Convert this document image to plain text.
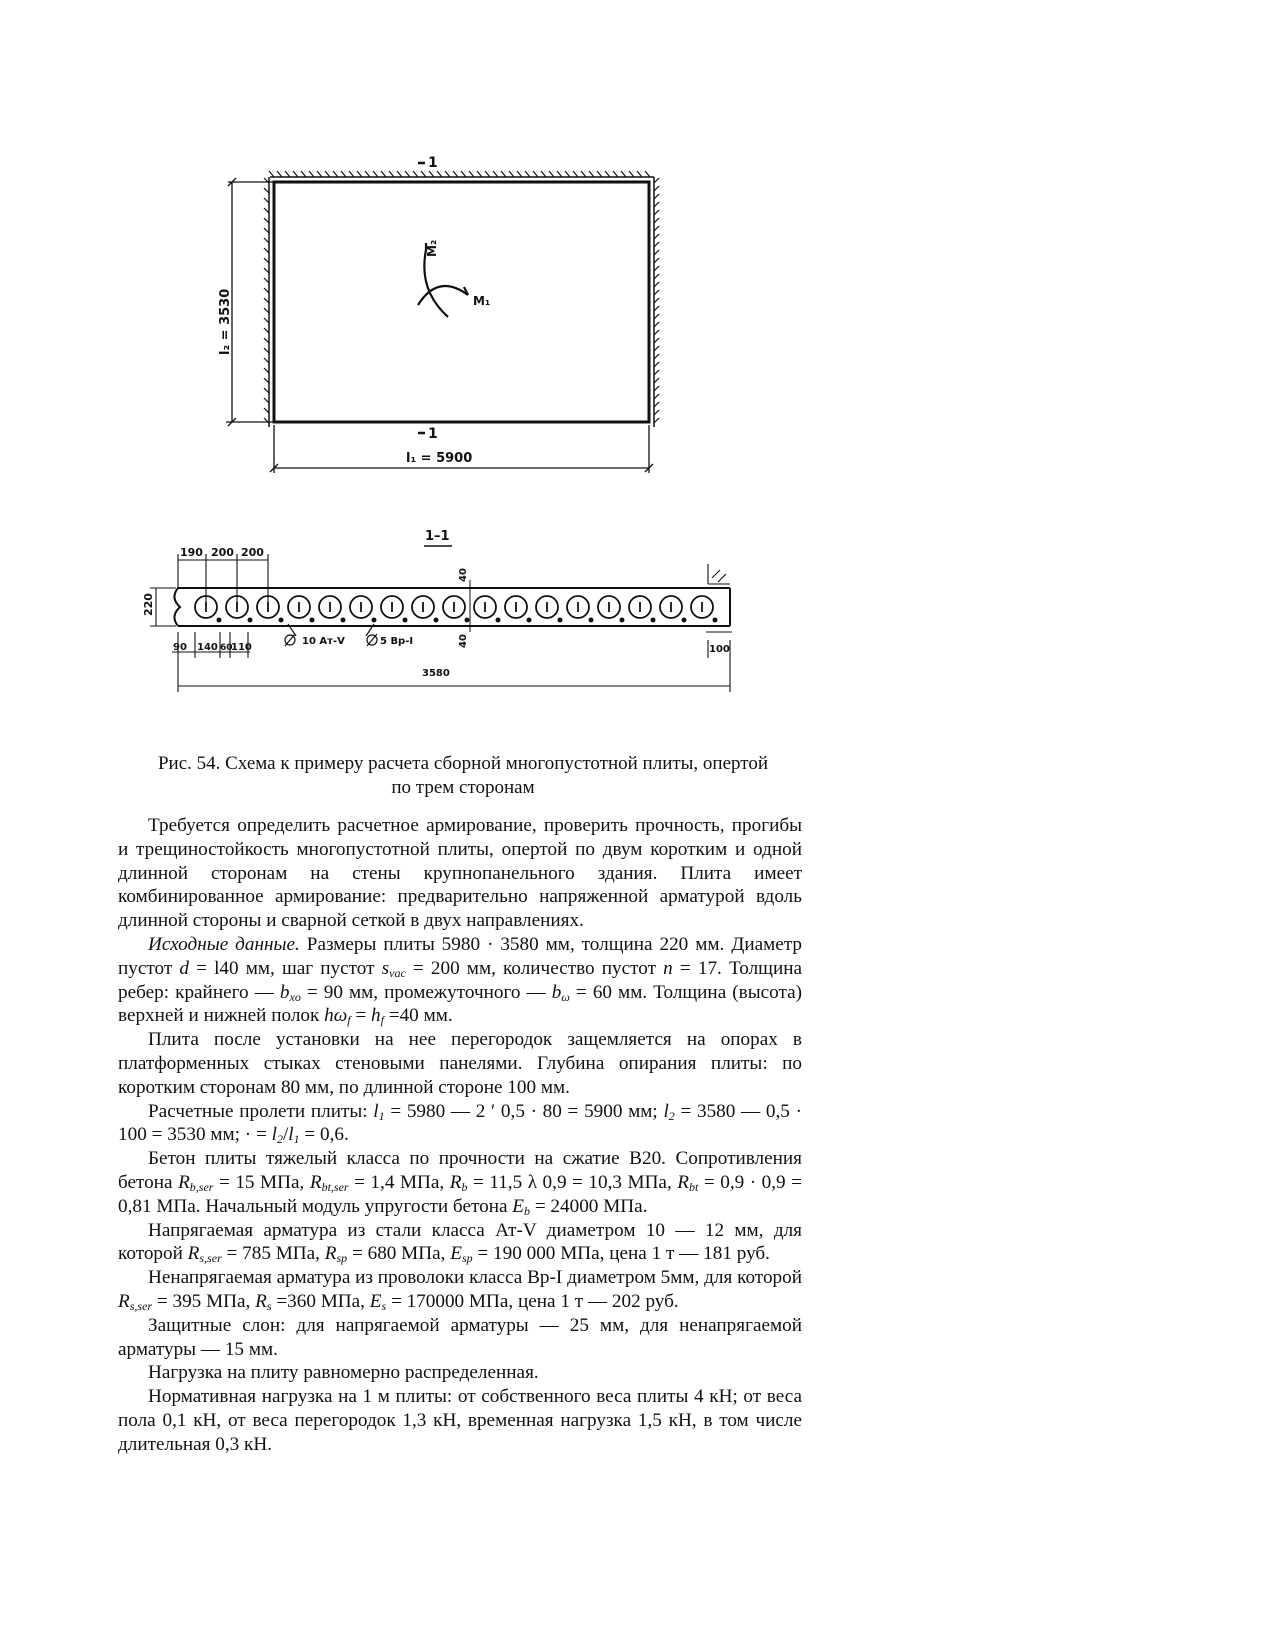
1
1
l₂ = 3530
l₁ = 5900
M₂
M₁
1–1
190 200 200
220
90 140 60
110
10 Aт-V	5 Вр-I
40
40
100
3580
Рис. 54. Схема к примеру расчета сборной многопустотной плиты, опертой
по трем сторонам

Требуется определить расчетное армирование, проверить прочность, прогибы и трещиностойкость многопустотной плиты, опертой по двум коротким и одной длинной сторонам на стены крупнопанельного здания. Плита имеет комбинированное армирование: предварительно напряженной арматурой вдоль длинной стороны и сварной сеткой в двух направлениях.

Исходные данные. Размеры плиты 5980 · 3580 мм, толщина 220 мм. Диаметр пустот d = l40 мм, шаг пустот $s_{vac} = 200$ мм, количество пустот n = 17. Толщина ребер: крайнего — $b_{xo} = 90$ мм, промежуточного — $b_\omega = 60$ мм. Толщина (высота) верхней и нижней полок $h\omega_f = h_f =40$ мм.

Плита после установки на нее перегородок защемляется на опорах в платформенных стыках стеновыми панелями. Глубина опирания плиты: по коротким сторонам 80 мм, по длинной стороне 100 мм.

Расчетные пролети плиты: $l_1 = 5980$ — 2 ′ 0,5 · 80 = 5900 мм; $l_2 = 3580$ — 0,5 · 100 = 3530 мм; · = $l_2/l_1 = 0,6$.

Бетон плиты тяжелый класса по прочности на сжатие B20. Сопротивления бетона $R_{b,ser} = 15$ МПа, $R_{bt,ser} = 1,4$ МПа, $R_b = 11,5$ λ 0,9 = 10,3 МПа, $R_{bt} = 0,9 \cdot 0,9 = 0,81$ МПа. Начальный модуль упругости бетона $E_b = 24000$ МПа.

Напрягаемая арматура из стали класса Ат-V диаметром 10 — 12 мм, для которой $R_{s,ser} = 785$ МПа, $R_{sp} = 680$ МПа, $E_{sp} = 190$ 000 МПа, цена 1 т — 181 руб.

Ненапрягаемая арматура из проволоки класса Вр-I диаметром 5мм, для которой $R_{s,ser} = 395$ МПа, $R_s =360$ МПа, $E_s = 170000$ МПа, цена 1 т — 202 руб.

Защитные слон: для напрягаемой арматуры — 25 мм, для ненапрягаемой арматуры — 15 мм.

Нагрузка на плиту равномерно распределенная.

Нормативная нагрузка на 1 м плиты: от собственного веса плиты 4 кН; от веса пола 0,1 кН, от веса перегородок 1,3 кН, временная нагрузка 1,5 кН, в том числе длительная 0,3 кН.
